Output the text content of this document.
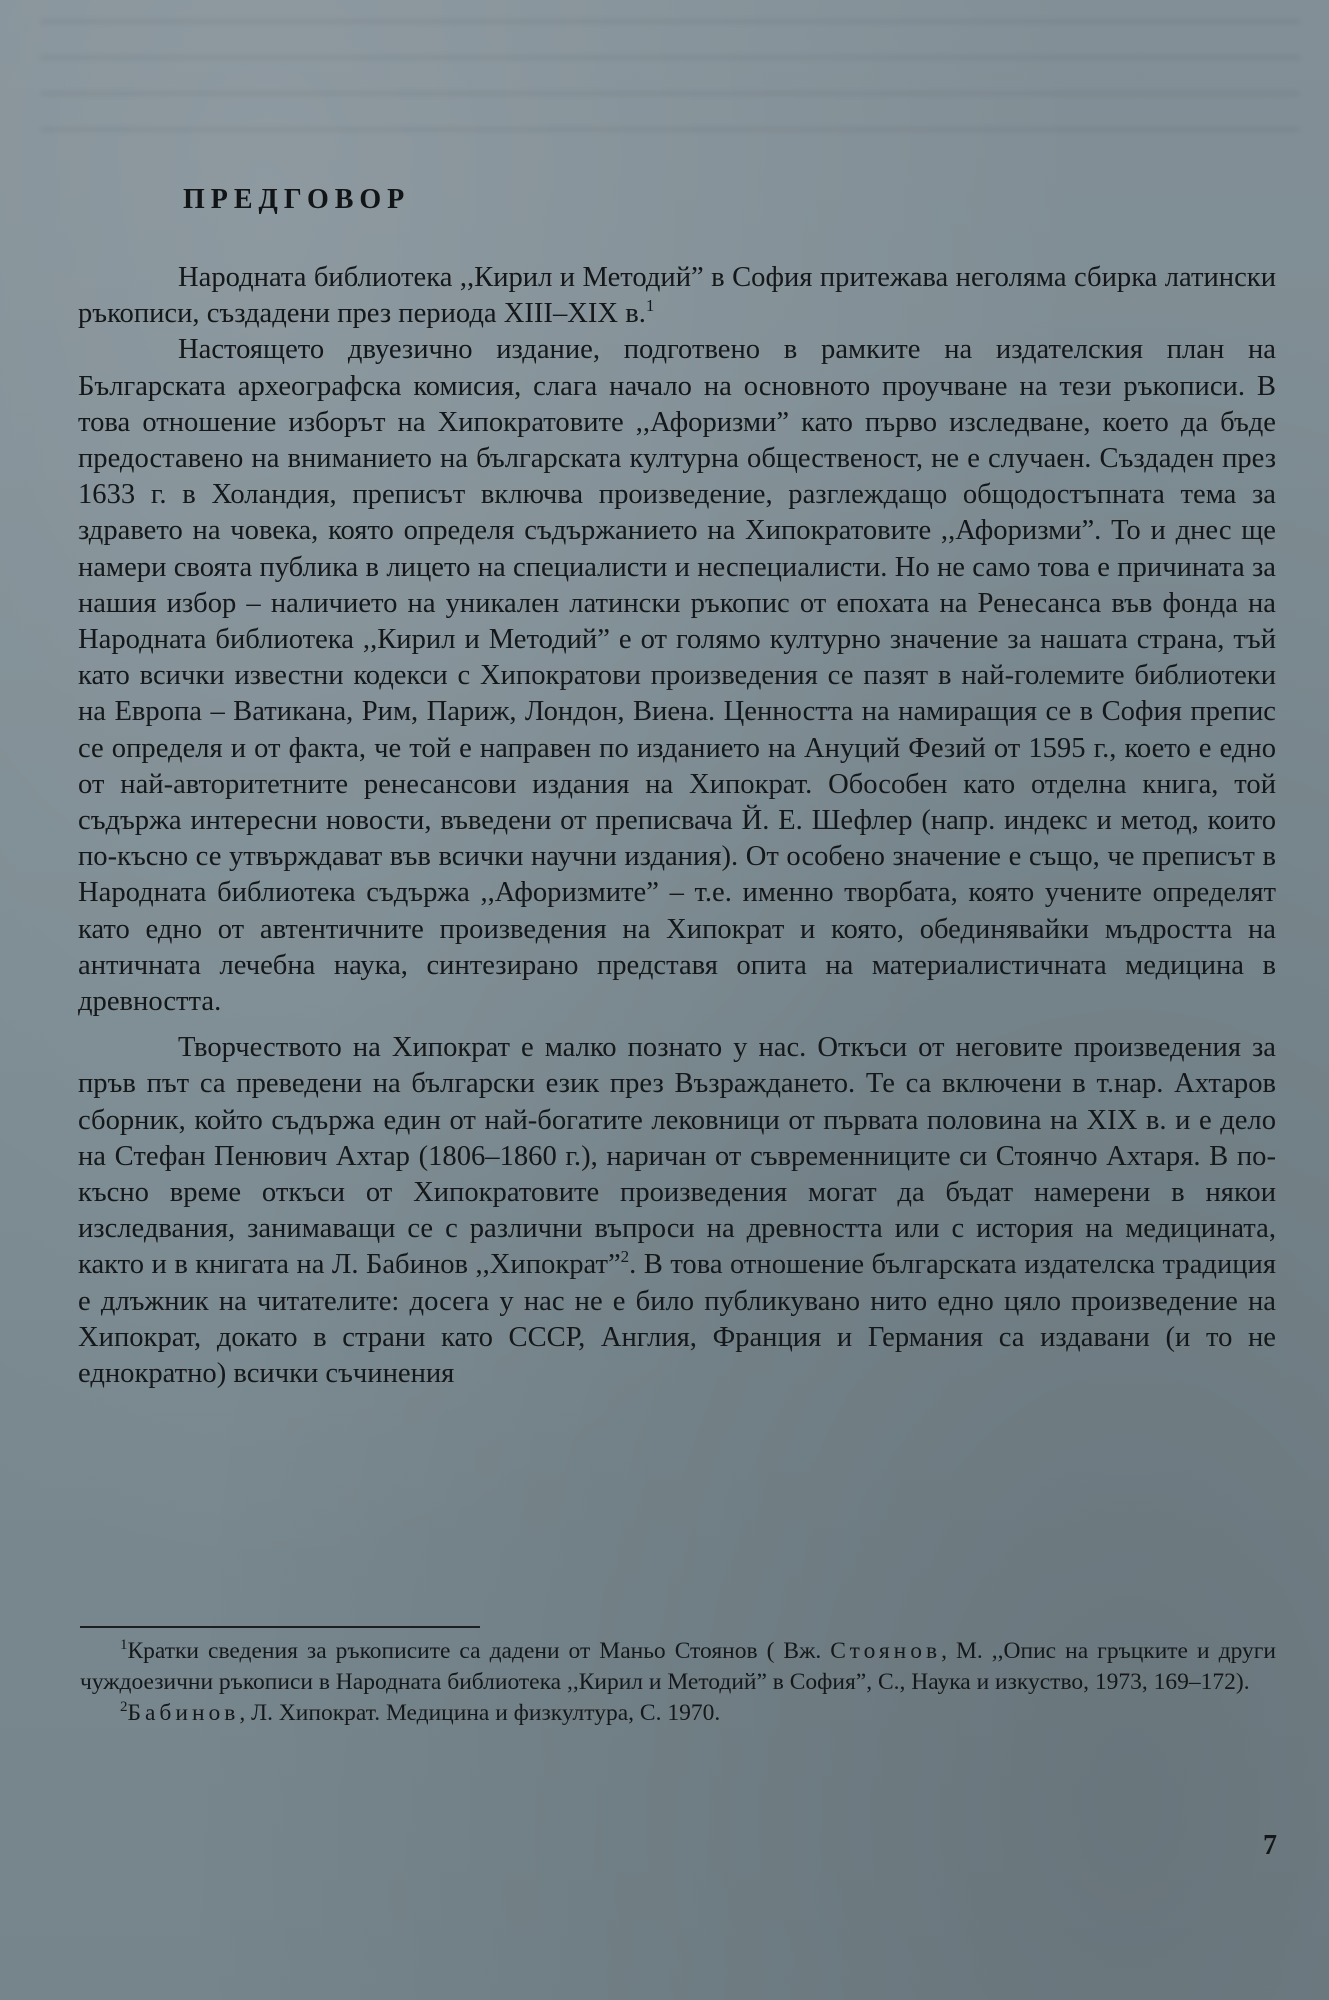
ПРЕДГОВОР

Народната библиотека ,,Кирил и Методий” в София притежава неголяма сбирка латински ръкописи, създадени през периода XIII–XIX в.$^1$

Настоящето двуезично издание, подготвено в рамките на издателския план на Българската археографска комисия, слага начало на основното проучване на тези ръкописи. В това отношение изборът на Хипократовите ,,Афоризми” като първо изследване, което да бъде предоставено на вниманието на българската културна общественост, не е случаен. Създаден през 1633 г. в Холандия, преписът включва произведение, разглеждащо общодостъпната тема за здравето на човека, която определя съдържанието на Хипократовите ,,Афоризми”. То и днес ще намери своята публика в лицето на специалисти и неспециалисти. Но не само това е причината за нашия избор – наличието на уникален латински ръкопис от епохата на Ренесанса във фонда на Народната библиотека ,,Кирил и Методий” е от голямо културно значение за нашата страна, тъй като всички известни кодекси с Хипократови произведения се пазят в най-големите библиотеки на Европа – Ватикана, Рим, Париж, Лондон, Виена. Ценността на намиращия се в София препис се определя и от факта, че той е направен по изданието на Ануций Фезий от 1595 г., което е едно от най-авторитетните ренесансови издания на Хипократ. Обособен като отделна книга, той съдържа интересни новости, въведени от преписвача Й. Е. Шефлер (напр. индекс и метод, които по-късно се утвърждават във всички научни издания). От особено значение е също, че преписът в Народната библиотека съдържа ,,Афоризмите” – т.е. именно творбата, която учените определят като едно от автентичните произведения на Хипократ и която, обединявайки мъдростта на античната лечебна наука, синтезирано представя опита на материалистичната медицина в древността.

Творчеството на Хипократ е малко познато у нас. Откъси от неговите произведения за пръв път са преведени на български език през Възраждането. Те са включени в т.нар. Ахтаров сборник, който съдържа един от най-богатите лековници от първата половина на XIX в. и е дело на Стефан Пенювич Ахтар (1806–1860 г.), наричан от съвременниците си Стоянчо Ахтаря. В по-късно време откъси от Хипократовите произведения могат да бъдат намерени в някои изследвания, занимаващи се с различни въпроси на древността или с история на медицината, както и в книгата на Л. Бабинов ,,Хипократ”$^2$. В това отношение българската издателска традиция е длъжник на читателите: досега у нас не е било публикувано нито едно цяло произведение на Хипократ, докато в страни като СССР, Англия, Франция и Германия са издавани (и то не еднократно) всички съчинения

$^1$Кратки сведения за ръкописите са дадени от Маньо Стоянов ( Вж. Стоянов, М. ,,Опис на гръцките и други чуждоезични ръкописи в Народната библиотека ,,Кирил и Методий” в София”, С., Наука и изкуство, 1973, 169–172).

$^2$Бабинов, Л. Хипократ. Медицина и физкултура, С. 1970.

7
